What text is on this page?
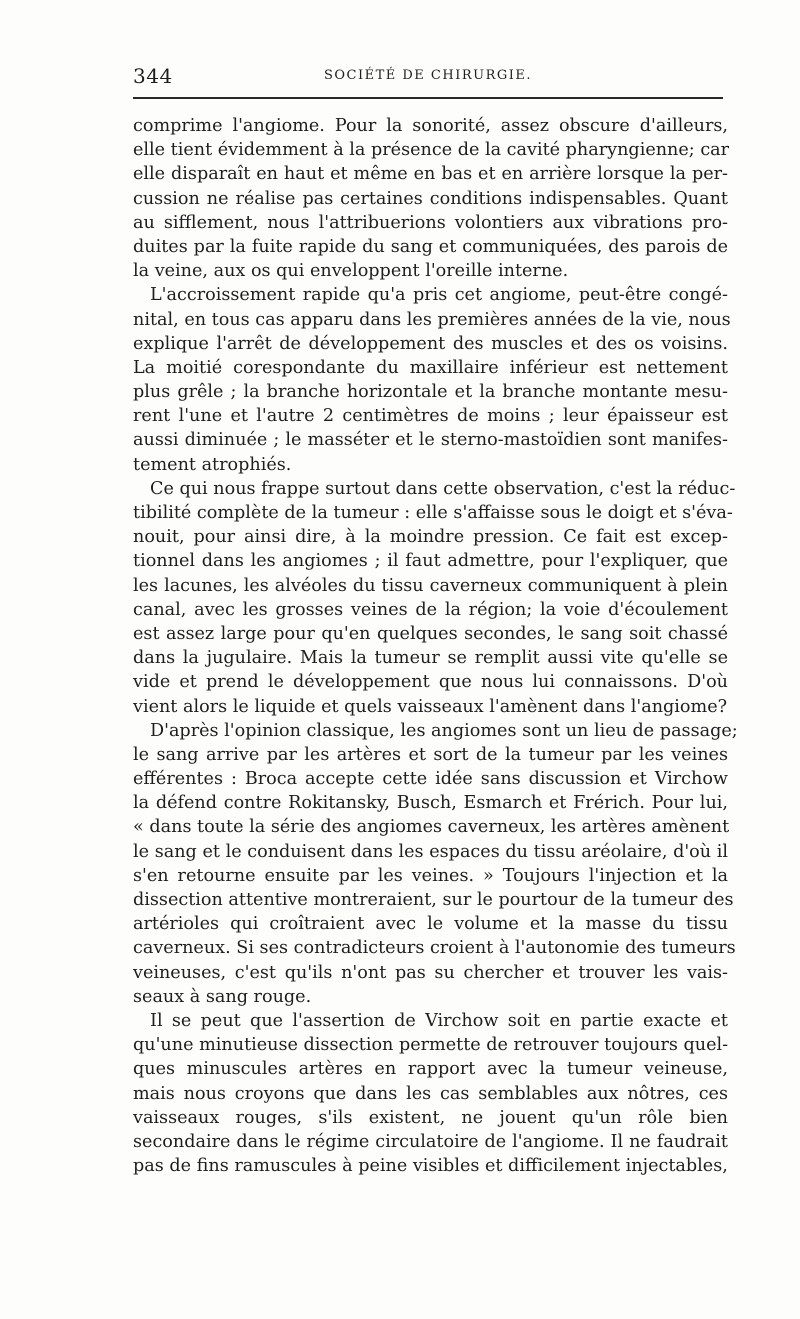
344	SOCIÉTÉ DE CHIRURGIE.
comprime l'angiome. Pour la sonorité, assez obscure d'ailleurs,
elle tient évidemment à la présence de la cavité pharyngienne; car
elle disparaît en haut et même en bas et en arrière lorsque la per-
cussion ne réalise pas certaines conditions indispensables. Quant
au sifflement, nous l'attribuerions volontiers aux vibrations pro-
duites par la fuite rapide du sang et communiquées, des parois de
la veine, aux os qui enveloppent l'oreille interne.
L'accroissement rapide qu'a pris cet angiome, peut-être congé-
nital, en tous cas apparu dans les premières années de la vie, nous
explique l'arrêt de développement des muscles et des os voisins.
La moitié corespondante du maxillaire inférieur est nettement
plus grêle ; la branche horizontale et la branche montante mesu-
rent l'une et l'autre 2 centimètres de moins ; leur épaisseur est
aussi diminuée ; le masséter et le sterno-mastoïdien sont manifes-
tement atrophiés.
Ce qui nous frappe surtout dans cette observation, c'est la réduc-
tibilité complète de la tumeur : elle s'affaisse sous le doigt et s'éva-
nouit, pour ainsi dire, à la moindre pression. Ce fait est excep-
tionnel dans les angiomes ; il faut admettre, pour l'expliquer, que
les lacunes, les alvéoles du tissu caverneux communiquent à plein
canal, avec les grosses veines de la région; la voie d'écoulement
est assez large pour qu'en quelques secondes, le sang soit chassé
dans la jugulaire. Mais la tumeur se remplit aussi vite qu'elle se
vide et prend le développement que nous lui connaissons. D'où
vient alors le liquide et quels vaisseaux l'amènent dans l'angiome?
D'après l'opinion classique, les angiomes sont un lieu de passage;
le sang arrive par les artères et sort de la tumeur par les veines
efférentes : Broca accepte cette idée sans discussion et Virchow
la défend contre Rokitansky, Busch, Esmarch et Frérich. Pour lui,
« dans toute la série des angiomes caverneux, les artères amènent
le sang et le conduisent dans les espaces du tissu aréolaire, d'où il
s'en retourne ensuite par les veines. » Toujours l'injection et la
dissection attentive montreraient, sur le pourtour de la tumeur des
artérioles qui croîtraient avec le volume et la masse du tissu
caverneux. Si ses contradicteurs croient à l'autonomie des tumeurs
veineuses, c'est qu'ils n'ont pas su chercher et trouver les vais-
seaux à sang rouge.
Il se peut que l'assertion de Virchow soit en partie exacte et
qu'une minutieuse dissection permette de retrouver toujours quel-
ques minuscules artères en rapport avec la tumeur veineuse,
mais nous croyons que dans les cas semblables aux nôtres, ces
vaisseaux rouges, s'ils existent, ne jouent qu'un rôle bien
secondaire dans le régime circulatoire de l'angiome. Il ne faudrait
pas de fins ramuscules à peine visibles et difficilement injectables,
